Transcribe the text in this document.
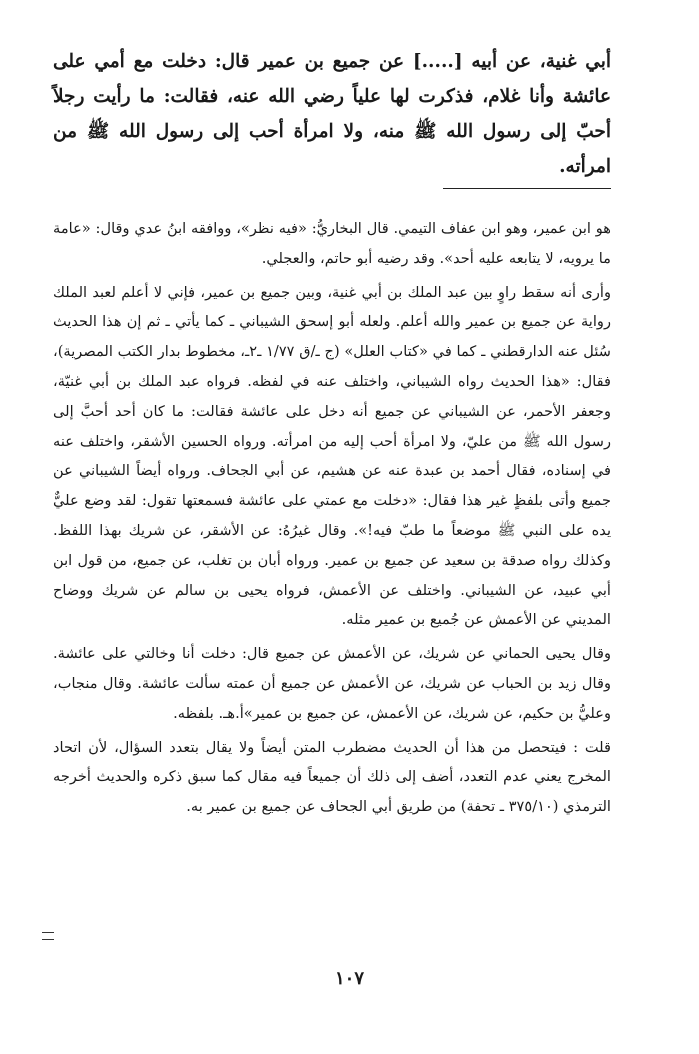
أبي غنية، عن أبيه [.....] عن جميع بن عمير قال: دخلت مع أمي على عائشة وأنا غلام، فذكرت لها علياً رضي الله عنه، فقالت: ما رأيت رجلاً أحبّ إلى رسول الله ﷺ منه، ولا امرأة أحب إلى رسول الله ﷺ من امرأته.

هو ابن عمير، وهو ابن عفاف التيمي. قال البخاريُّ: «فيه نظر»، ووافقه ابنُ عدي وقال: «عامة ما يرويه، لا يتابعه عليه أحد». وقد رضيه أبو حاتم، والعجلي.

وأرى أنه سقط راوٍ بين عبد الملك بن أبي غنية، وبين جميع بن عمير، فإني لا أعلم لعبد الملك رواية عن جميع بن عمير والله أعلم. ولعله أبو إسحق الشيباني ـ كما يأتي ـ ثم إن هذا الحديث سُئل عنه الدارقطني ـ كما في «كتاب العلل» (ج ـ/ق ١/٧٧ ـ٢ـ، مخطوط بدار الكتب المصرية)، فقال: «هذا الحديث رواه الشيباني، واختلف عنه في لفظه. فرواه عبد الملك بن أبي غنيّة، وجعفر الأحمر، عن الشيباني عن جميع أنه دخل على عائشة فقالت: ما كان أحد أحبَّ إلى رسول الله ﷺ من عليّ، ولا امرأة أحب إليه من امرأته. ورواه الحسين الأشقر، واختلف عنه في إسناده، فقال أحمد بن عبدة عنه عن هشيم، عن أبي الجحاف. ورواه أيضاً الشيباني عن جميع وأتى بلفظٍ غير هذا فقال: «دخلت مع عمتي على عائشة فسمعتها تقول: لقد وضع عليٌّ يده على النبي ﷺ موضعاً ما طبّ فيه!». وقال غيرُهُ: عن الأشقر، عن شريك بهذا اللفظ. وكذلك رواه صدقة بن سعيد عن جميع بن عمير. ورواه أبان بن تغلب، عن جميع، من قول ابن أبي عبيد، عن الشيباني. واختلف عن الأعمش، فرواه يحيى بن سالم عن شريك ووضاح المديني عن الأعمش عن جُميع بن عمير مثله.

وقال يحيى الحماني عن شريك، عن الأعمش عن جميع قال: دخلت أنا وخالتي على عائشة. وقال زيد بن الحباب عن شريك، عن الأعمش عن جميع أن عمته سألت عائشة. وقال منجاب، وعليُّ بن حكيم، عن شريك، عن الأعمش، عن جميع بن عمير»أ.هـ. بلفظه.

قلت : فيتحصل من هذا أن الحديث مضطرب المتن أيضاً ولا يقال بتعدد السؤال، لأن اتحاد المخرج يعني عدم التعدد، أضف إلى ذلك أن جميعاً فيه مقال كما سبق ذكره والحديث أخرجه الترمذي (٣٧٥/١٠ ـ تحفة) من طريق أبي الجحاف عن جميع بن عمير به.

١٠٧
